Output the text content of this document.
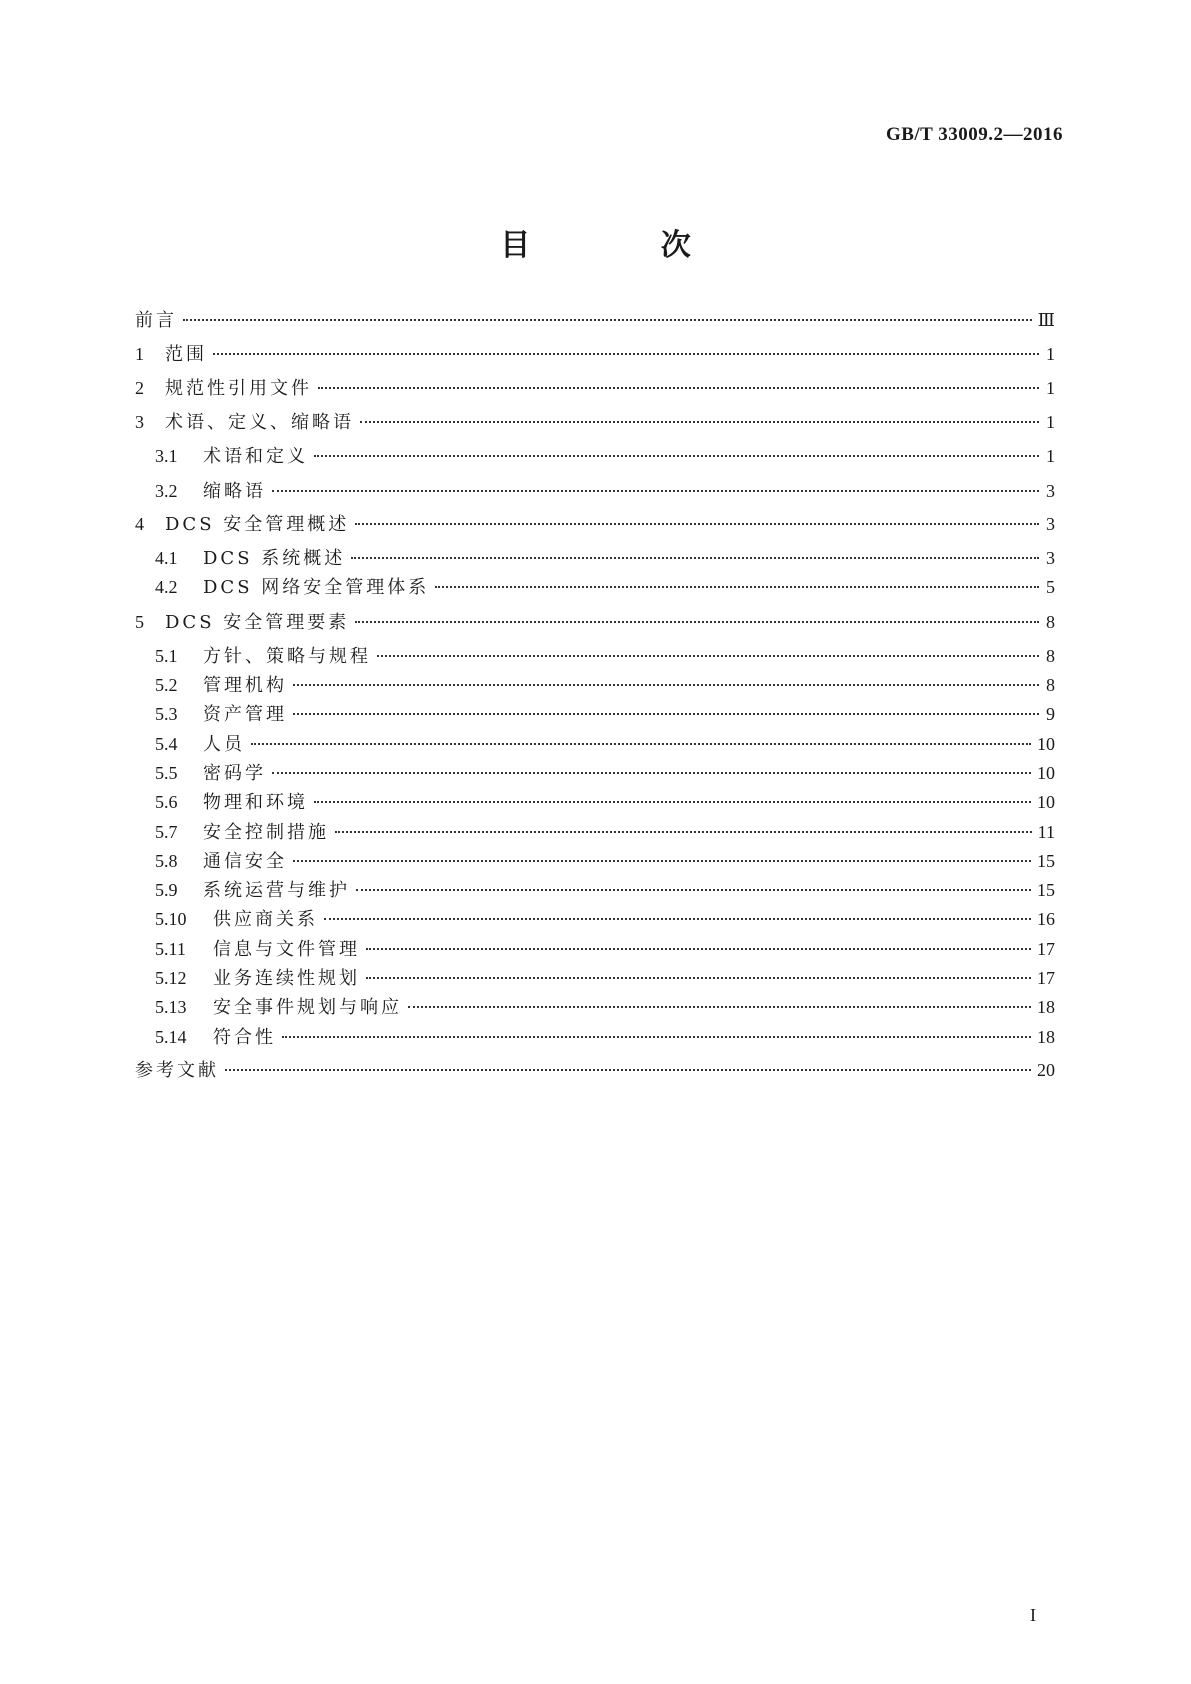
GB/T 33009.2—2016
目 次
前言	Ⅲ
1	范围	1
2	规范性引用文件	1
3	术语、定义、缩略语	1
3.1	术语和定义	1
3.2	缩略语	3
4	DCS 安全管理概述	3
4.1	DCS 系统概述	3
4.2	DCS 网络安全管理体系	5
5	DCS 安全管理要素	8
5.1	方针、策略与规程	8
5.2	管理机构	8
5.3	资产管理	9
5.4	人员	10
5.5	密码学	10
5.6	物理和环境	10
5.7	安全控制措施	11
5.8	通信安全	15
5.9	系统运营与维护	15
5.10	供应商关系	16
5.11	信息与文件管理	17
5.12	业务连续性规划	17
5.13	安全事件规划与响应	18
5.14	符合性	18
参考文献	20
I
